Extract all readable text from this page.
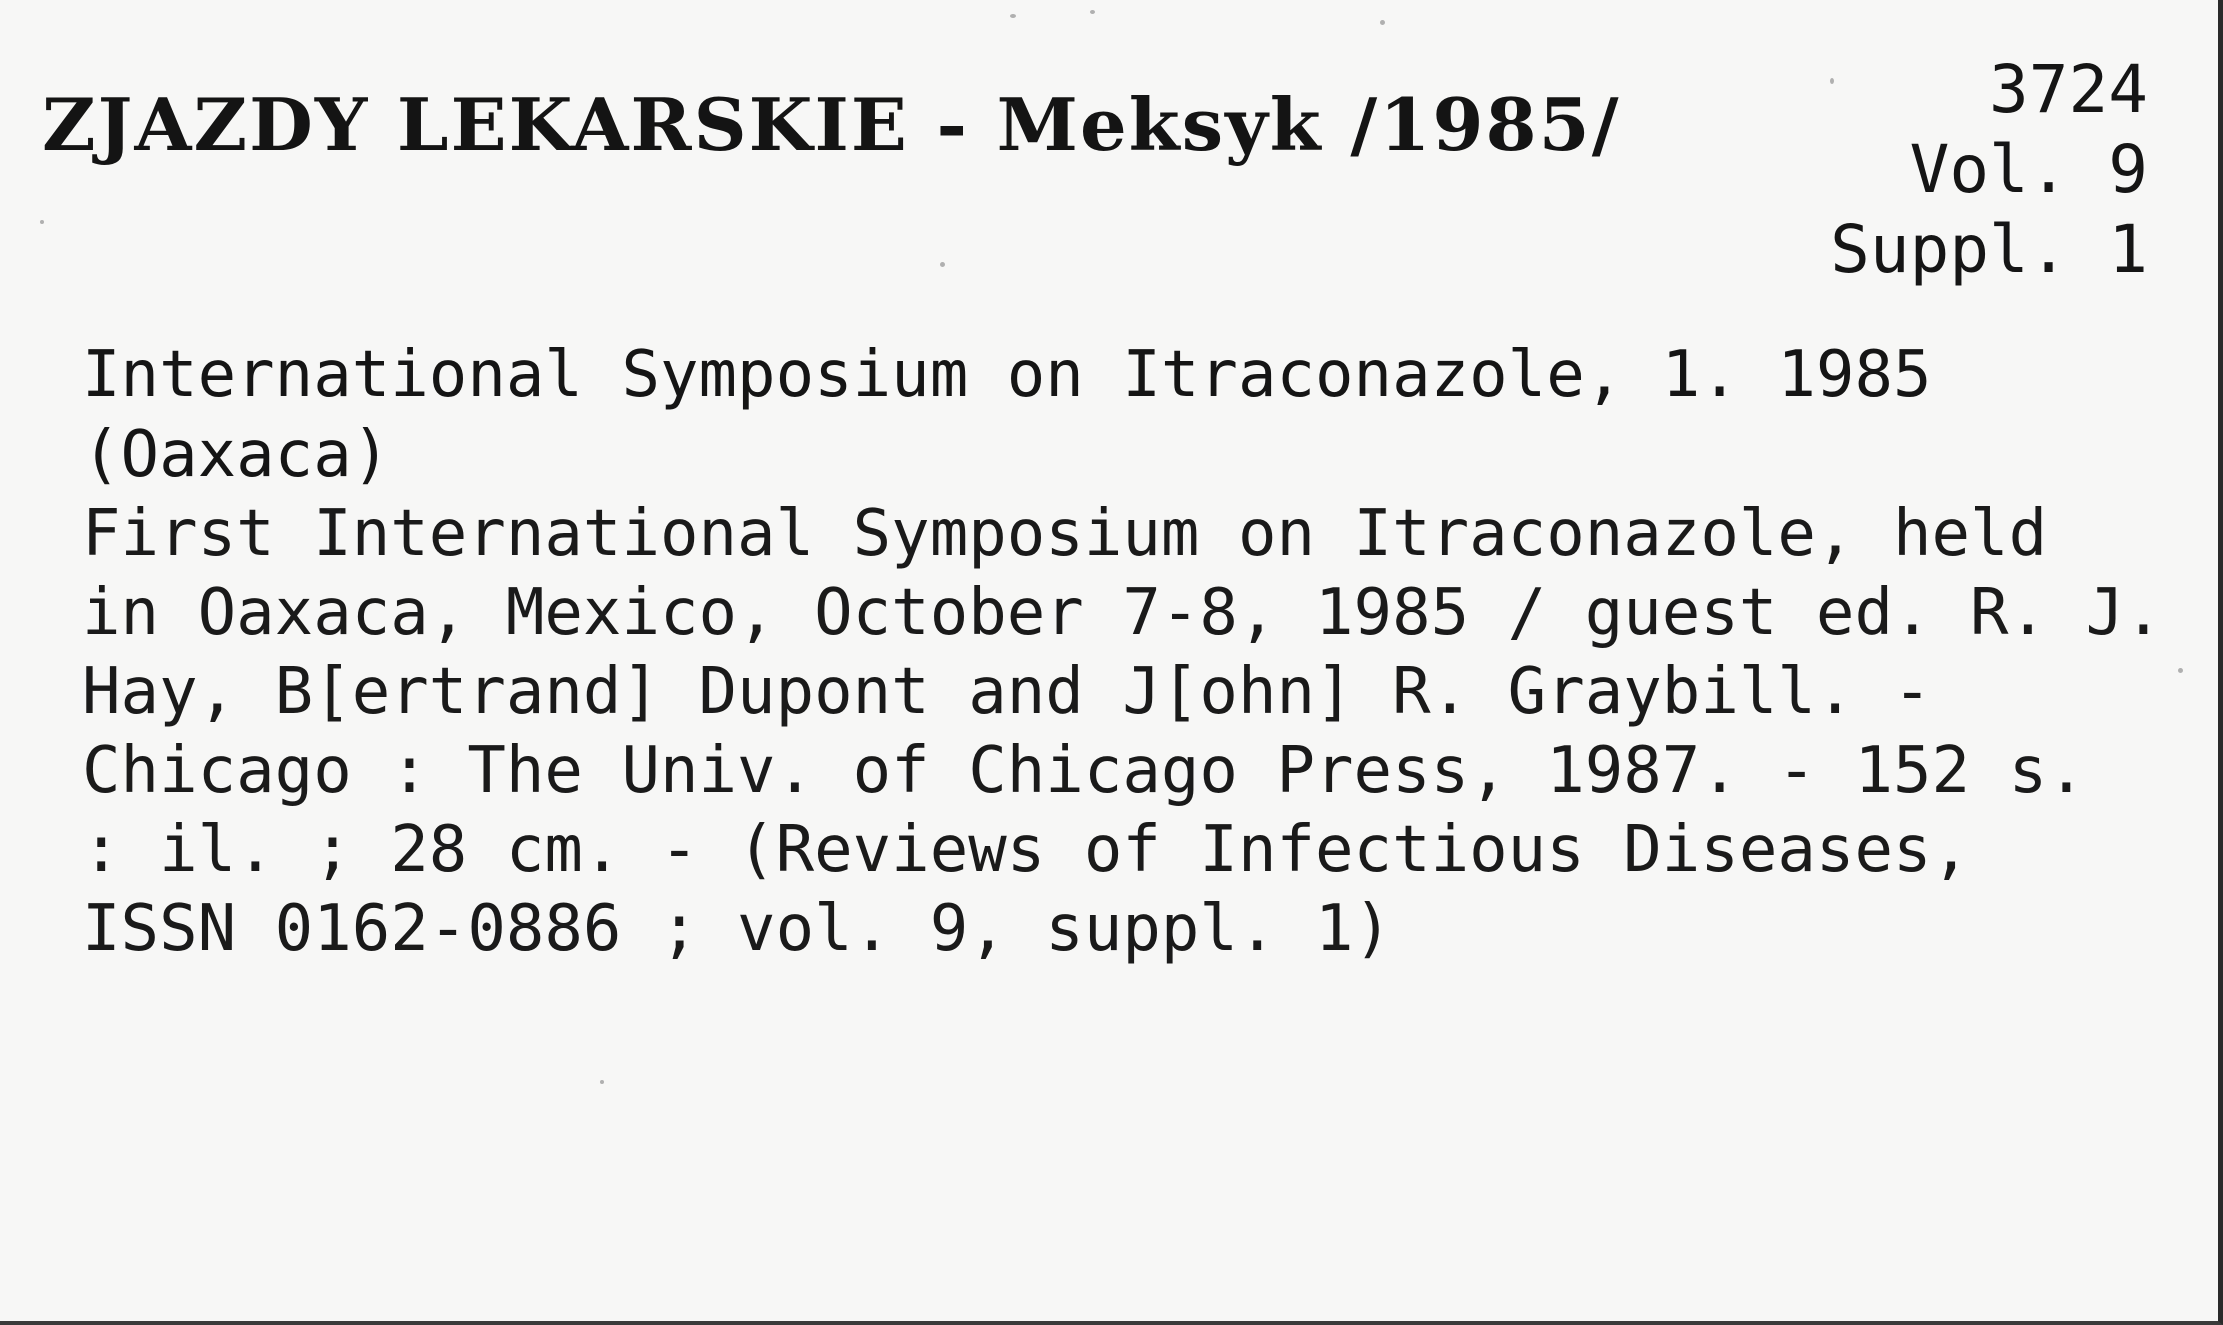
ZJAZDY LEKARSKIE - Meksyk /1985/	3724
Vol. 9
Suppl. 1
International Symposium on Itraconazole, 1. 1985
(Oaxaca)
First International Symposium on Itraconazole, held
in Oaxaca, Mexico, October 7-8, 1985 / guest ed. R. J.
Hay, B[ertrand] Dupont and J[ohn] R. Graybill. -
Chicago : The Univ. of Chicago Press, 1987. - 152 s.
: il. ; 28 cm. - (Reviews of Infectious Diseases,
ISSN 0162-0886 ; vol. 9, suppl. 1)
